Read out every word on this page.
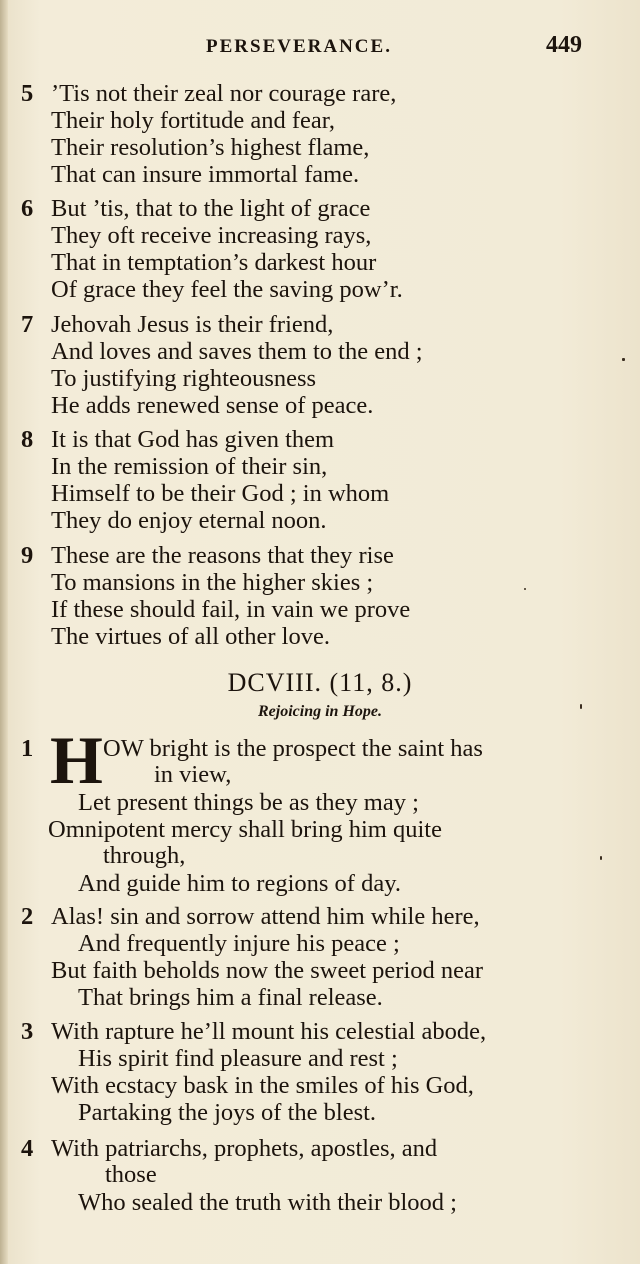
PERSEVERANCE.	449
5 ’Tis not their zeal nor courage rare,
Their holy fortitude and fear,
Their resolution’s highest flame,
That can insure immortal fame.
6 But ’tis, that to the light of grace
They oft receive increasing rays,
That in temptation’s darkest hour
Of grace they feel the saving pow’r.
7 Jehovah Jesus is their friend,
And loves and saves them to the end ;
To justifying righteousness
He adds renewed sense of peace.
8 It is that God has given them
In the remission of their sin,
Himself to be their God ; in whom
They do enjoy eternal noon.
9 These are the reasons that they rise
To mansions in the higher skies ;
If these should fail, in vain we prove
The virtues of all other love.
DCVIII. (11, 8.)
Rejoicing in Hope.
1	OW bright is the prospect the saint has
in view,
Let present things be as they may ;
Omnipotent mercy shall bring him quite
through,
And guide him to regions of day.
H
2 Alas! sin and sorrow attend him while here,
And frequently injure his peace ;
But faith beholds now the sweet period near
That brings him a final release.
3 With rapture he’ll mount his celestial abode,
His spirit find pleasure and rest ;
With ecstacy bask in the smiles of his God,
Partaking the joys of the blest.
4 With patriarchs, prophets, apostles, and
those
Who sealed the truth with their blood ;
